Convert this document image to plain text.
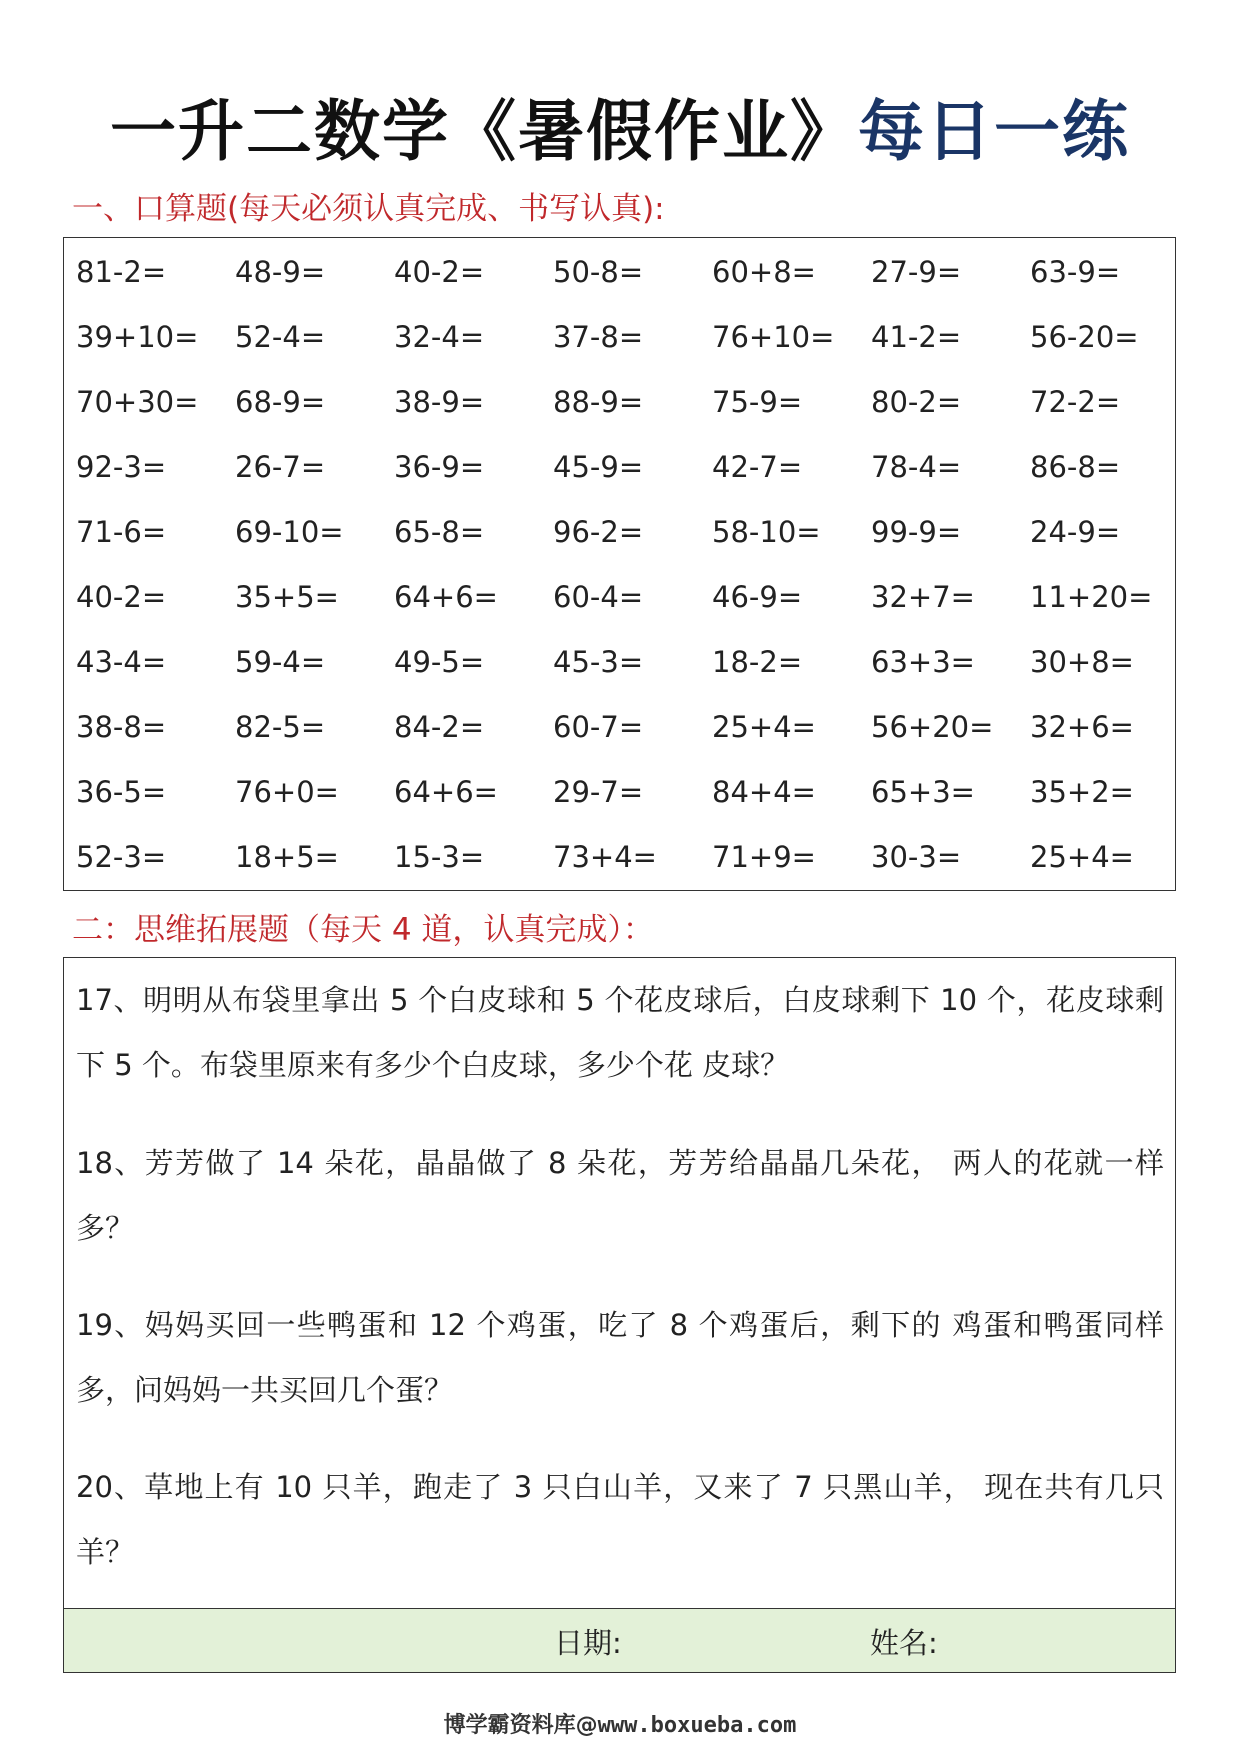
一升二数学《暑假作业》每日一练
一、口算题(每天必须认真完成、书写认真):
81-2=	48-9=	40-2=	50-8=	60+8=	27-9=	63-9=
39+10=	52-4=	32-4=	37-8=	76+10=	41-2=	56-20=
70+30=	68-9=	38-9=	88-9=	75-9=	80-2=	72-2=
92-3=	26-7=	36-9=	45-9=	42-7=	78-4=	86-8=
71-6=	69-10=	65-8=	96-2=	58-10=	99-9=	24-9=
40-2=	35+5=	64+6=	60-4=	46-9=	32+7=	11+20=
43-4=	59-4=	49-5=	45-3=	18-2=	63+3=	30+8=
38-8=	82-5=	84-2=	60-7=	25+4=	56+20=	32+6=
36-5=	76+0=	64+6=	29-7=	84+4=	65+3=	35+2=
52-3=	18+5=	15-3=	73+4=	71+9=	30-3=	25+4=
二：思维拓展题（每天 4 道，认真完成）：
17、明明从布袋里拿出 5 个白皮球和 5 个花皮球后，白皮球剩下 10 个，花皮球剩下 5 个。布袋里原来有多少个白皮球，多少个花 皮球？
18、芳芳做了 14 朵花，晶晶做了 8 朵花，芳芳给晶晶几朵花， 两人的花就一样多？
19、妈妈买回一些鸭蛋和 12 个鸡蛋，吃了 8 个鸡蛋后，剩下的 鸡蛋和鸭蛋同样多，问妈妈一共买回几个蛋？
20、草地上有 10 只羊，跑走了 3 只白山羊，又来了 7 只黑山羊， 现在共有几只羊？
日期:	姓名:
博学霸资料库@www.boxueba.com
